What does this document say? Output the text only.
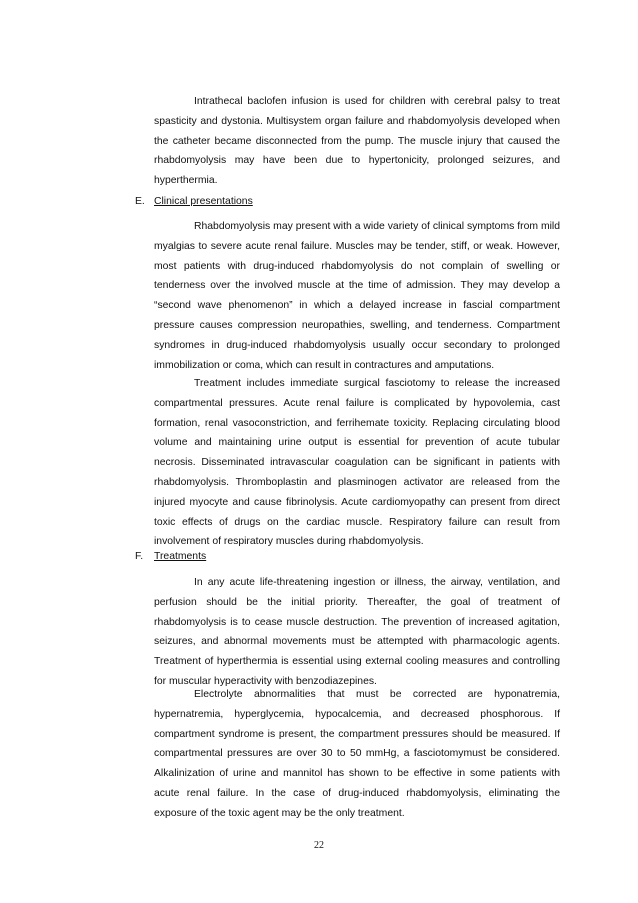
Intrathecal baclofen infusion is used for children with cerebral palsy to treat spasticity and dystonia. Multisystem organ failure and rhabdomyolysis developed when the catheter became disconnected from the pump. The muscle injury that caused the rhabdomyolysis may have been due to hypertonicity, prolonged seizures, and hyperthermia.

E. Clinical presentations

Rhabdomyolysis may present with a wide variety of clinical symptoms from mild myalgias to severe acute renal failure. Muscles may be tender, stiff, or weak. However, most patients with drug-induced rhabdomyolysis do not complain of swelling or tenderness over the involved muscle at the time of admission. They may develop a “second wave phenomenon” in which a delayed increase in fascial compartment pressure causes compression neuropathies, swelling, and tenderness. Compartment syndromes in drug-induced rhabdomyolysis usually occur secondary to prolonged immobilization or coma, which can result in contractures and amputations.

Treatment includes immediate surgical fasciotomy to release the increased compartmental pressures. Acute renal failure is complicated by hypovolemia, cast formation, renal vasoconstriction, and ferrihemate toxicity. Replacing circulating blood volume and maintaining urine output is essential for prevention of acute tubular necrosis. Disseminated intravascular coagulation can be significant in patients with rhabdomyolysis. Thromboplastin and plasminogen activator are released from the injured myocyte and cause fibrinolysis. Acute cardiomyopathy can present from direct toxic effects of drugs on the cardiac muscle. Respiratory failure can result from involvement of respiratory muscles during rhabdomyolysis.

F. Treatments

In any acute life-threatening ingestion or illness, the airway, ventilation, and perfusion should be the initial priority. Thereafter, the goal of treatment of rhabdomyolysis is to cease muscle destruction. The prevention of increased agitation, seizures, and abnormal movements must be attempted with pharmacologic agents. Treatment of hyperthermia is essential using external cooling measures and controlling for muscular hyperactivity with benzodiazepines.

Electrolyte abnormalities that must be corrected are hyponatremia, hypernatremia, hyperglycemia, hypocalcemia, and decreased phosphorous. If compartment syndrome is present, the compartment pressures should be measured. If compartmental pressures are over 30 to 50 mmHg, a fasciotomymust be considered. Alkalinization of urine and mannitol has shown to be effective in some patients with acute renal failure. In the case of drug-induced rhabdomyolysis, eliminating the exposure of the toxic agent may be the only treatment.

22
